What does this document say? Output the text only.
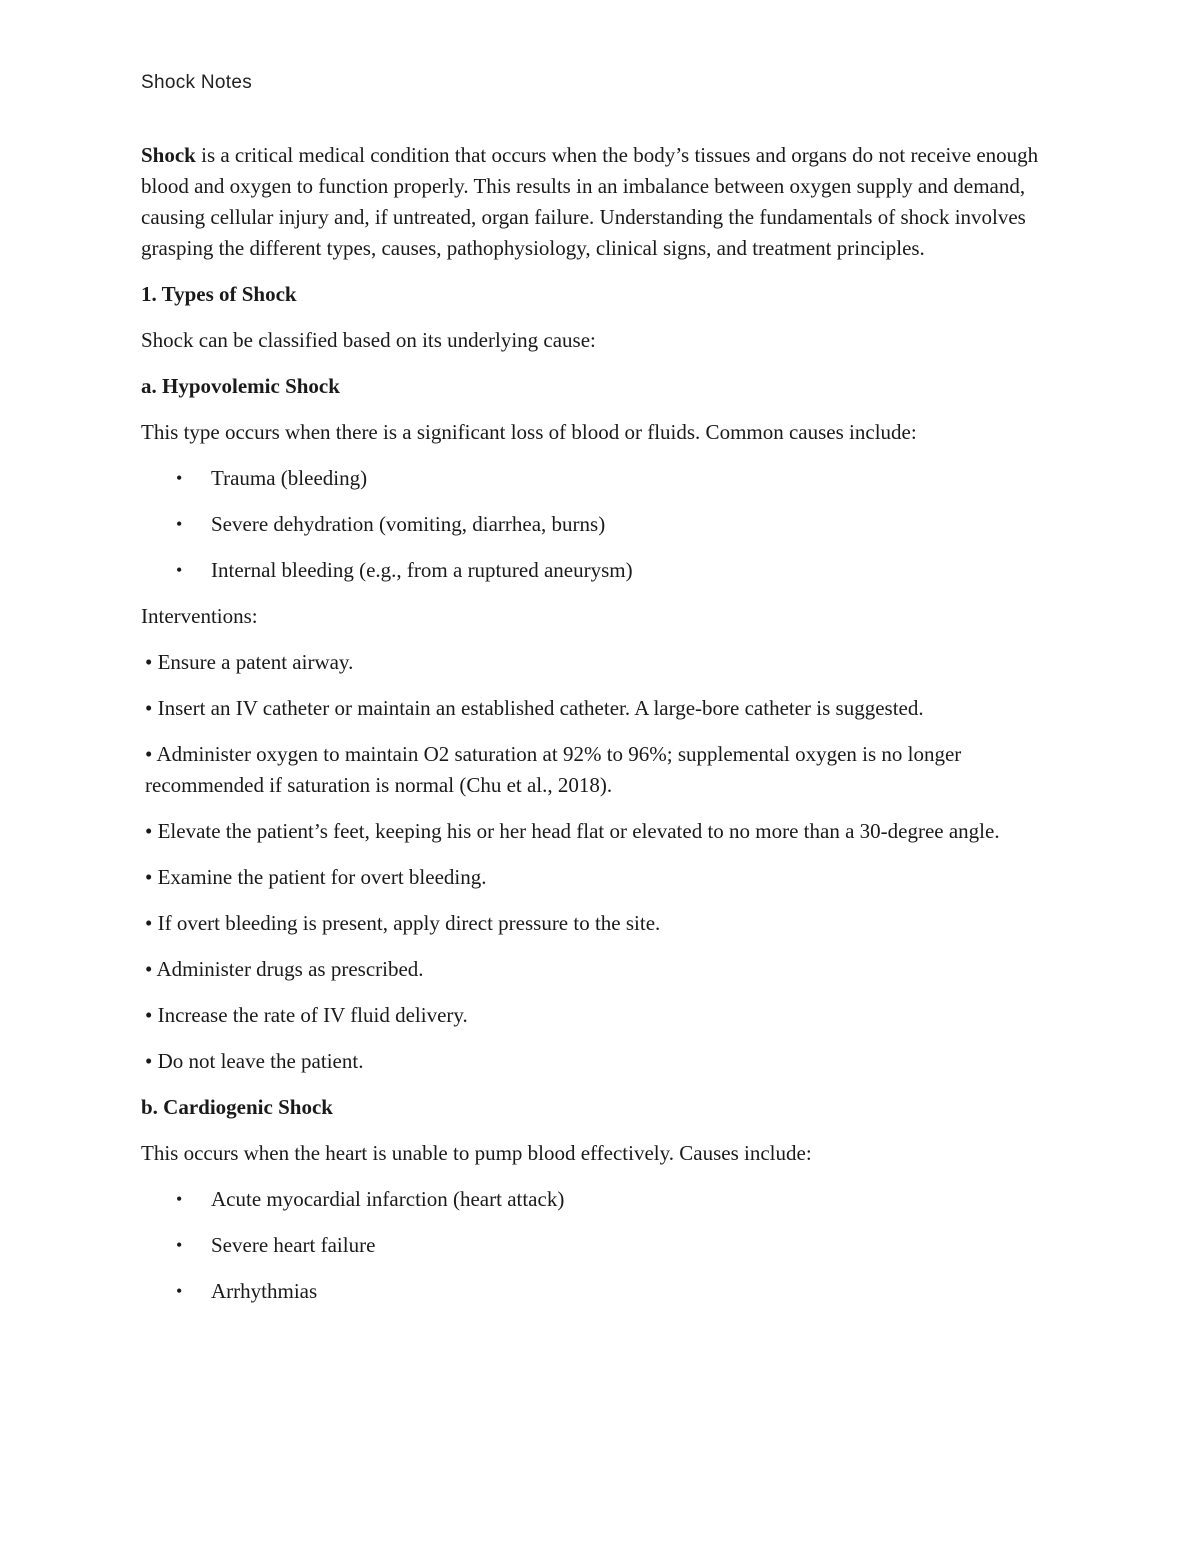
Shock Notes

Shock is a critical medical condition that occurs when the body’s tissues and organs do not receive enough blood and oxygen to function properly. This results in an imbalance between oxygen supply and demand, causing cellular injury and, if untreated, organ failure. Understanding the fundamentals of shock involves grasping the different types, causes, pathophysiology, clinical signs, and treatment principles.

1. Types of Shock

Shock can be classified based on its underlying cause:

a. Hypovolemic Shock

This type occurs when there is a significant loss of blood or fluids. Common causes include:

• Trauma (bleeding)
• Severe dehydration (vomiting, diarrhea, burns)
• Internal bleeding (e.g., from a ruptured aneurysm)

Interventions:

• Ensure a patent airway.

• Insert an IV catheter or maintain an established catheter. A large-bore catheter is suggested.

• Administer oxygen to maintain O2 saturation at 92% to 96%; supplemental oxygen is no longer recommended if saturation is normal (Chu et al., 2018).

• Elevate the patient’s feet, keeping his or her head flat or elevated to no more than a 30-degree angle.

• Examine the patient for overt bleeding.

• If overt bleeding is present, apply direct pressure to the site.

• Administer drugs as prescribed.

• Increase the rate of IV fluid delivery.

• Do not leave the patient.

b. Cardiogenic Shock

This occurs when the heart is unable to pump blood effectively. Causes include:

• Acute myocardial infarction (heart attack)
• Severe heart failure
• Arrhythmias
